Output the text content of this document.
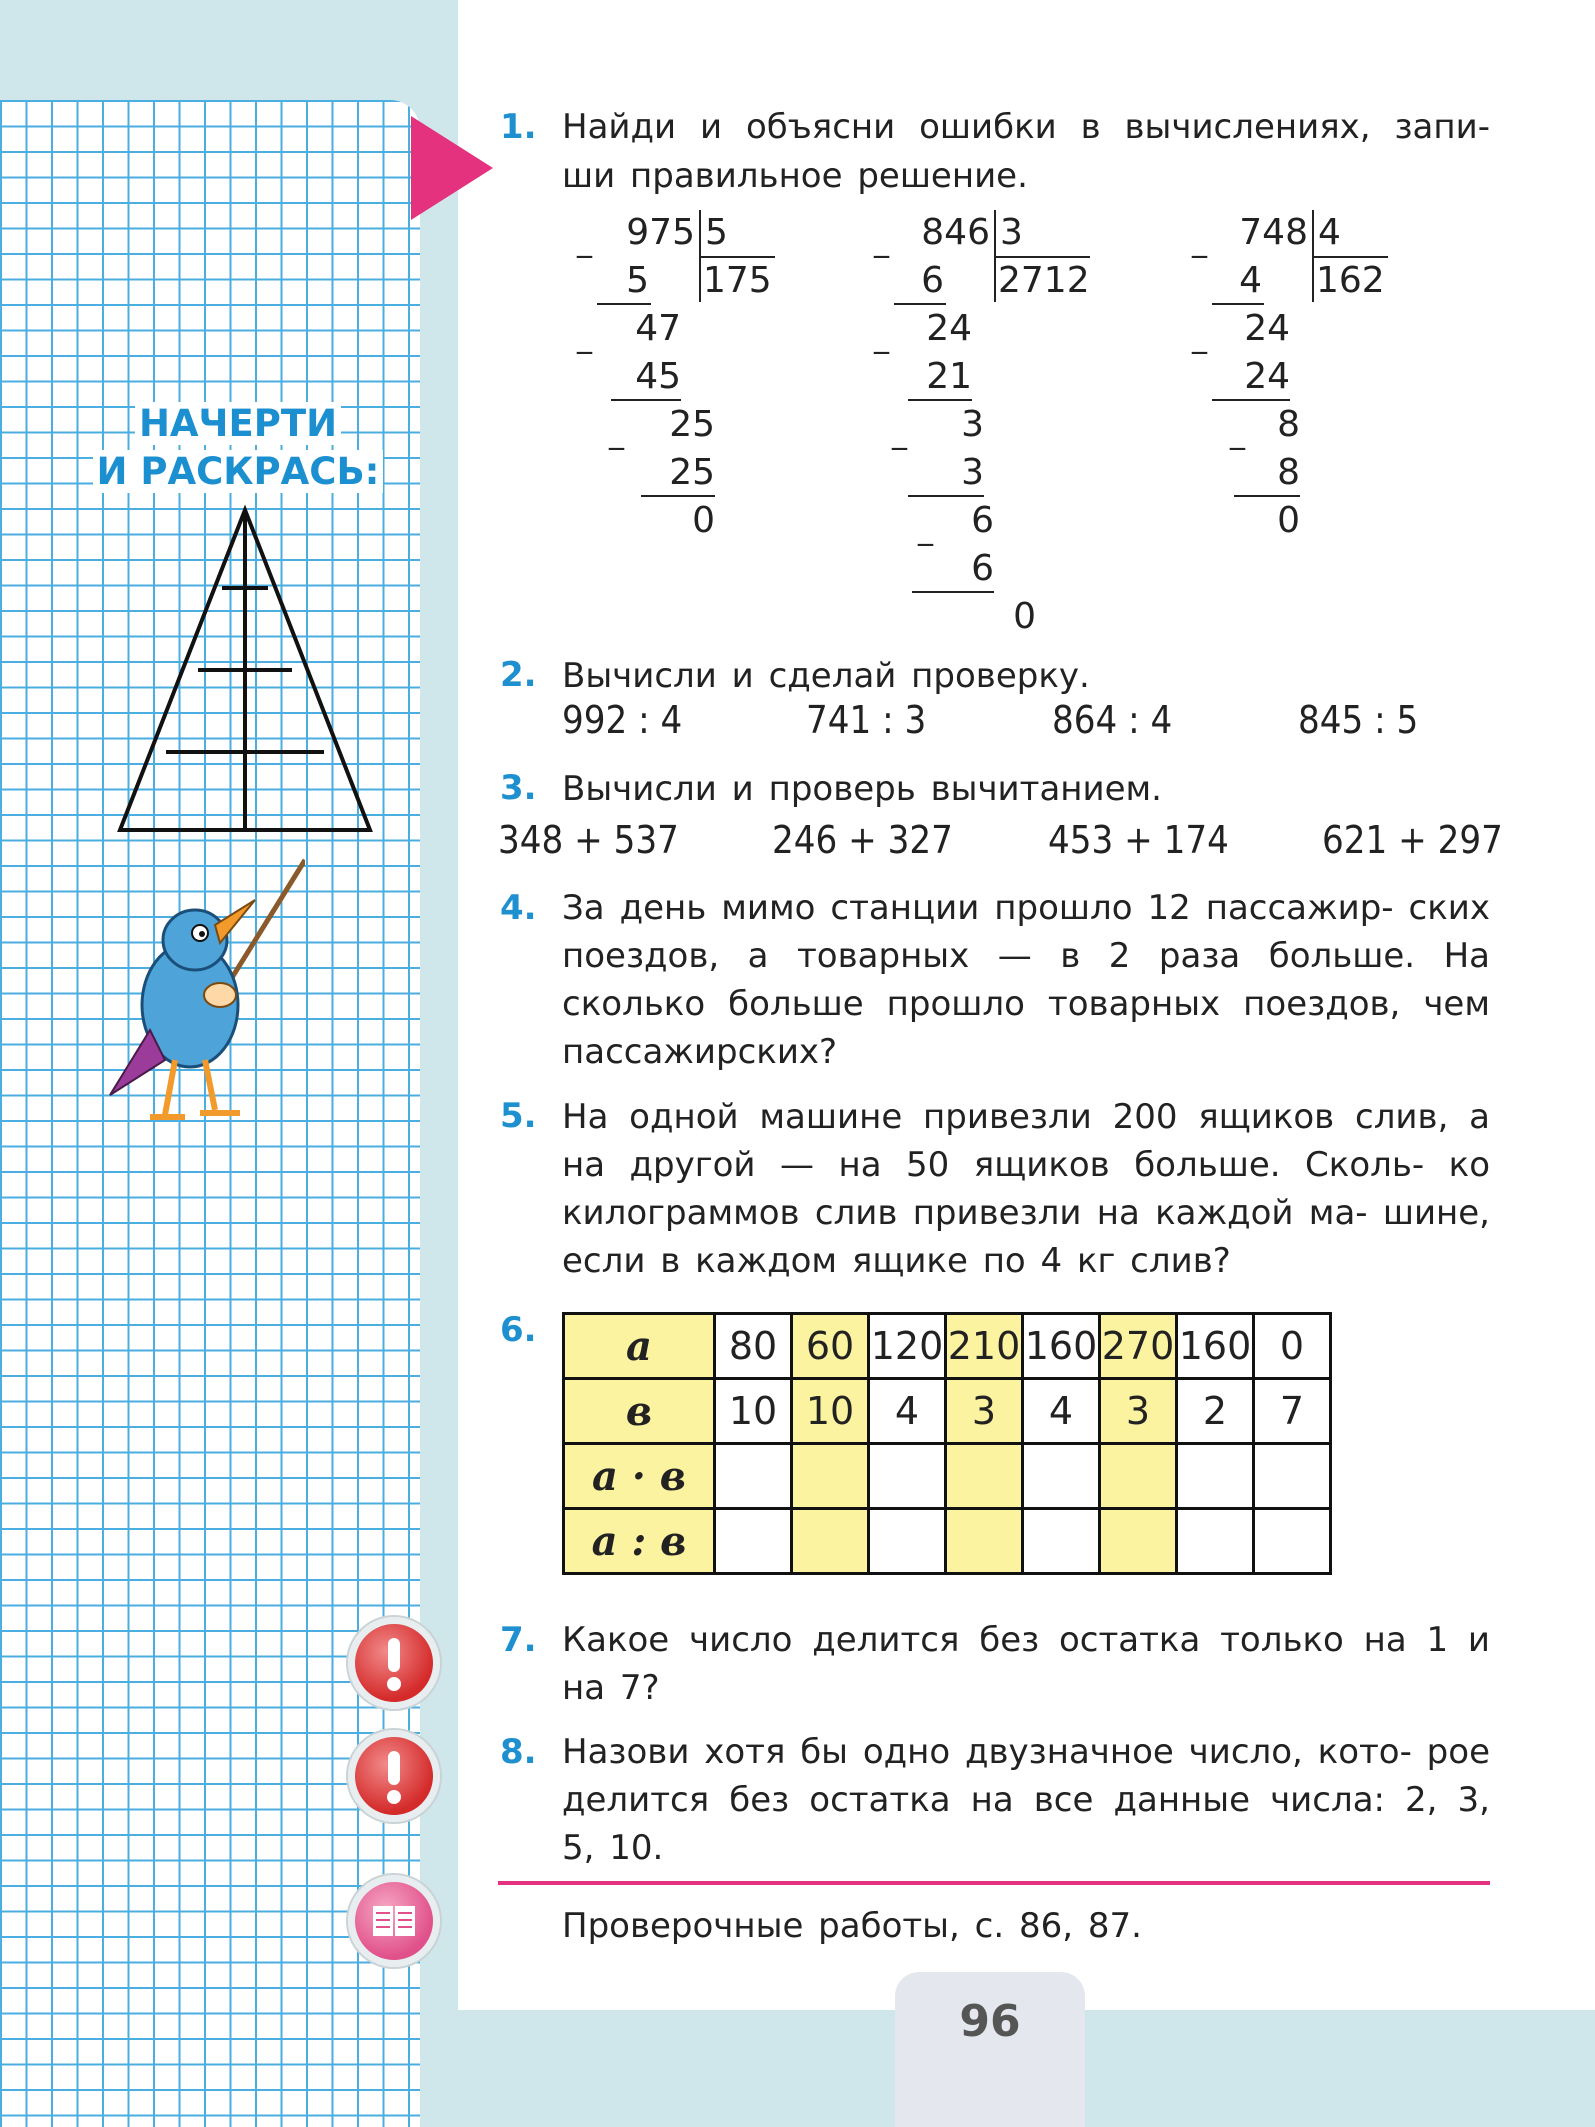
НАЧЕРТИ
И РАСКРАСЬ:
1. Найди и объясни ошибки в вычислениях, запи-
ши правильное решение.
_ 975 5
175
5
_	47
45
_	25
25
0
_ 846 3
2712
6
_	24
21
_	3
3
_	6
6
0
_ 748 4
162
4
_	24
24
_ 8
8
0
2. Вычисли и сделай проверку.
992 : 4	741 : 3	864 : 4	845 : 5
3. Вычисли и проверь вычитанием.
348 + 537 246 + 327	453 + 174 621 + 297
4. За день мимо станции прошло 12 пассажир- ских поездов, а товарных — в 2 раза больше. На сколько больше прошло товарных поездов, чем пассажирских?
5. На одной машине привезли 200 ящиков слив, а на другой — на 50 ящиков больше. Сколь- ко килограммов слив привезли на каждой ма- шине, если в каждом ящике по 4 кг слив?
6. a	80	60	120	210	160	270	160	0
в	10	10	4	3	4	3	2	7
a · в								
a : в								
7. Какое число делится без остатка только на 1 и на 7?
8. Назови хотя бы одно двузначное число, кото- рое делится без остатка на все данные числа: 2, 3, 5, 10.
Проверочные работы, с. 86, 87.
96
